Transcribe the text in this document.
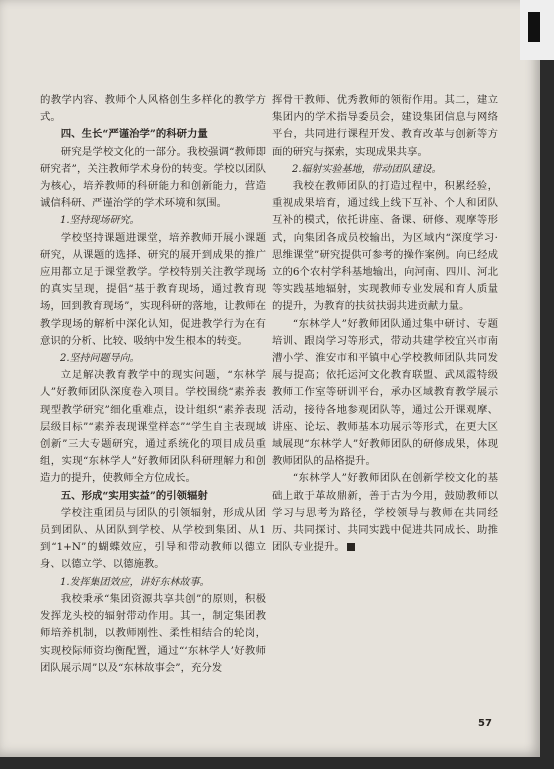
的教学内容、教师个人风格创生多样化的教学方式。

四、生长“严谨治学”的科研力量

研究是学校文化的一部分。我校强调“教师即研究者”，关注教师学术身份的转变。学校以团队为核心，培养教师的科研能力和创新能力，营造诚信科研、严谨治学的学术环境和氛围。

1.坚持现场研究。

学校坚持课题进课堂，培养教师开展小课题研究，从课题的选择、研究的展开到成果的推广应用都立足于课堂教学。学校特别关注教学现场的真实呈现，提倡“基于教育现场，通过教育现场，回到教育现场”，实现科研的落地，让教师在教学现场的解析中深化认知，促进教学行为在有意识的分析、比较、吸纳中发生根本的转变。

2.坚持问题导向。

立足解决教育教学中的现实问题，“东林学人”好教师团队深度卷入项目。学校围绕“素养表现型教学研究”细化重难点，设计组织“素养表现层级目标”“素养表现课堂样态”“学生自主表现域创新”三大专题研究，通过系统化的项目成员重组，实现“东林学人”好教师团队科研理解力和创造力的提升，使教师全方位成长。

五、形成“实用实益”的引领辐射

学校注重团员与团队的引领辐射，形成从团员到团队、从团队到学校、从学校到集团、从1到“1+N”的蝴蝶效应，引导和带动教师以德立身、以德立学、以德施教。

1.发挥集团效应，讲好东林故事。

我校秉承“集团资源共享共创”的原则，积极发挥龙头校的辐射带动作用。其一，制定集团教师培养机制，以教师刚性、柔性相结合的轮岗，实现校际师资均衡配置，通过“‘东林学人’好教师团队展示周”以及“东林故事会”，充分发

挥骨干教师、优秀教师的领衔作用。其二，建立集团内的学术指导委员会，建设集团信息与网络平台，共同进行课程开发、教育改革与创新等方面的研究与探索，实现成果共享。

2.辐射实验基地，带动团队建设。

我校在教师团队的打造过程中，积累经验，重视成果培育，通过线上线下互补、个人和团队互补的模式，依托讲座、备课、研修、观摩等形式，向集团各成员校输出，为区域内“深度学习·思维课堂”研究提供可参考的操作案例。向已经成立的6个农村学科基地输出，向河南、四川、河北等实践基地辐射，实现教师专业发展和育人质量的提升，为教育的扶贫扶弱共进贡献力量。

“东林学人”好教师团队通过集中研讨、专题培训、跟岗学习等形式，带动共建学校宜兴市南漕小学、淮安市和平镇中心学校教师团队共同发展与提高；依托运河文化教育联盟、武凤霞特级教师工作室等研训平台，承办区域教育教学展示活动，接待各地参观团队等，通过公开课观摩、讲座、论坛、教师基本功展示等形式，在更大区域展现“东林学人”好教师团队的研修成果，体现教师团队的品格提升。

“东林学人”好教师团队在创新学校文化的基础上敢于革故鼎新，善于古为今用，鼓励教师以学习与思考为路径，学校领导与教师在共同经历、共同探讨、共同实践中促进共同成长、助推团队专业提升。

57
